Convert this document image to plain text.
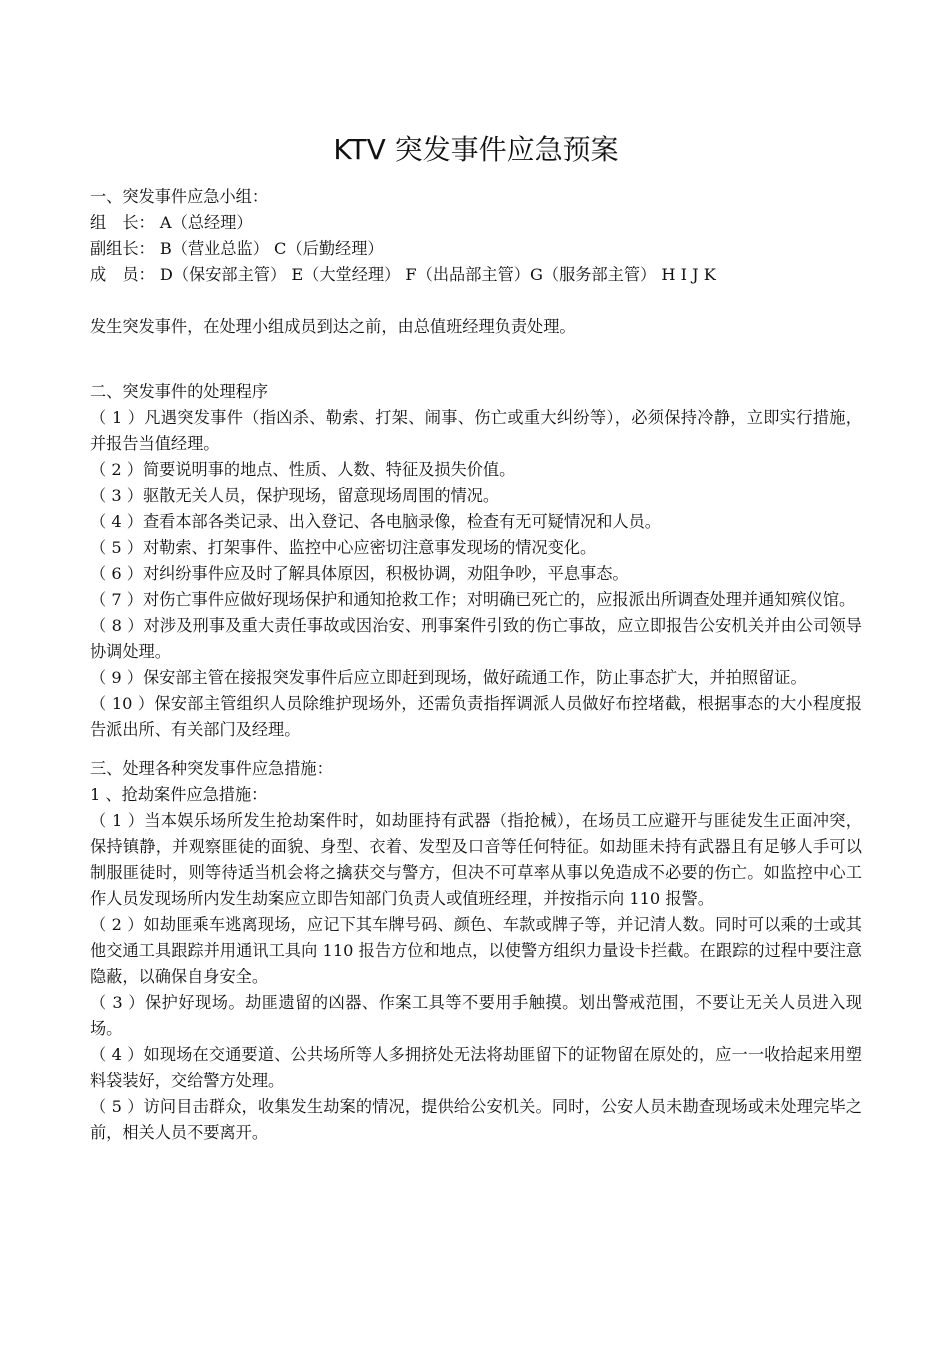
KTV 突发事件应急预案
一、突发事件应急小组：
组　长： A（总经理）
副组长： B（营业总监） C（后勤经理）
成　员： D（保安部主管） E（大堂经理） F（出品部主管）G（服务部主管） H I J K
发生突发事件，在处理小组成员到达之前，由总值班经理负责处理。
二、突发事件的处理程序
（ 1 ）凡遇突发事件（指凶杀、勒索、打架、闹事、伤亡或重大纠纷等），必须保持冷静，立即实行措施，并报告当值经理。
（ 2 ）简要说明事的地点、性质、人数、特征及损失价值。
（ 3 ）驱散无关人员，保护现场，留意现场周围的情况。
（ 4 ）查看本部各类记录、出入登记、各电脑录像，检查有无可疑情况和人员。
（ 5 ）对勒索、打架事件、监控中心应密切注意事发现场的情况变化。
（ 6 ）对纠纷事件应及时了解具体原因，积极协调，劝阻争吵，平息事态。
（ 7 ）对伤亡事件应做好现场保护和通知抢救工作；对明确已死亡的，应报派出所调查处理并通知殡仪馆。
（ 8 ）对涉及刑事及重大责任事故或因治安、刑事案件引致的伤亡事故，应立即报告公安机关并由公司领导协调处理。
（ 9 ）保安部主管在接报突发事件后应立即赶到现场，做好疏通工作，防止事态扩大，并拍照留证。
（ 10 ）保安部主管组织人员除维护现场外，还需负责指挥调派人员做好布控堵截，根据事态的大小程度报告派出所、有关部门及经理。
三、处理各种突发事件应急措施：
1 、抢劫案件应急措施：
（ 1 ）当本娱乐场所发生抢劫案件时，如劫匪持有武器（指抢械），在场员工应避开与匪徒发生正面冲突，保持镇静，并观察匪徒的面貌、身型、衣着、发型及口音等任何特征。如劫匪未持有武器且有足够人手可以制服匪徒时，则等待适当机会将之擒获交与警方，但决不可草率从事以免造成不必要的伤亡。如监控中心工作人员发现场所内发生劫案应立即告知部门负责人或值班经理，并按指示向 110 报警。
（ 2 ）如劫匪乘车逃离现场，应记下其车牌号码、颜色、车款或牌子等，并记清人数。同时可以乘的士或其他交通工具跟踪并用通讯工具向 110 报告方位和地点，以使警方组织力量设卡拦截。在跟踪的过程中要注意隐蔽，以确保自身安全。
（ 3 ）保护好现场。劫匪遗留的凶器、作案工具等不要用手触摸。划出警戒范围，不要让无关人员进入现场。
（ 4 ）如现场在交通要道、公共场所等人多拥挤处无法将劫匪留下的证物留在原处的，应一一收拾起来用塑料袋装好，交给警方处理。
（ 5 ）访问目击群众，收集发生劫案的情况，提供给公安机关。同时，公安人员未勘查现场或未处理完毕之前，相关人员不要离开。
